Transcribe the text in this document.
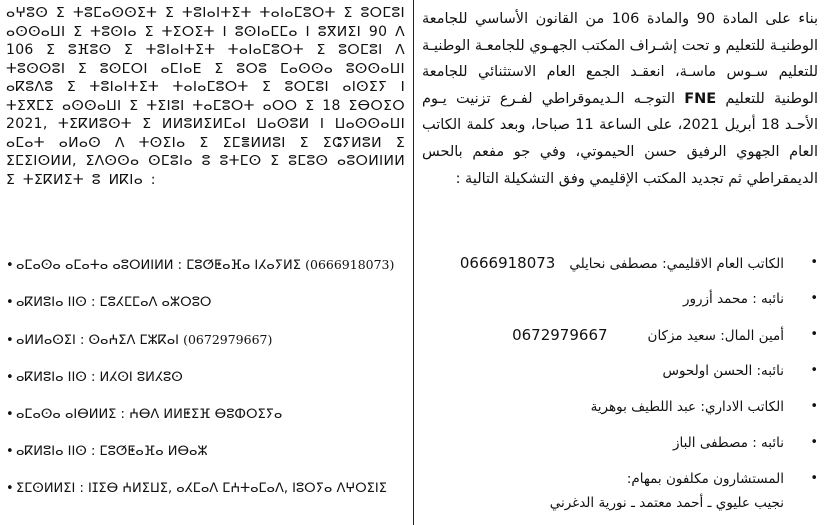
ⴰⵖⵓⵙ ⵉ ⵜⵓⵎⴰⵙⵙⵉⵜ ⵉ ⵜⵓⵏⴰⵏⵜⵉⵜ ⵜⴰⵏⴰⵎⵓⵔⵜ ⵉ ⵓⵔⵎⵓⵏ ⴰⵙⵙⴰⵡⵏ ⵉ ⵜⵓⵙⵏⴰ ⵉ ⵜⵉⵔⵉⵜ ⵏ ⵓⵙⵏⴰⵎⵎⴰ ⵏ ⵓⴳⵍⵉⵏ 90 ⴷ 106 ⵉ ⵓⴼⵓⵙ ⵉ ⵜⵓⵏⴰⵏⵜⵉⵜ ⵜⴰⵏⴰⵎⵓⵔⵜ ⵉ ⵓⵔⵎⵓⵏ ⴷ ⵜⵓⵙⵙⵓⵏ ⵉ ⵓⵙⵎⵔⵏ ⴰⵎⵏⴰⴹ ⵉ ⵓⵔⵓ ⵎⴰⵙⵙⴰ ⵓⵙⵙⴰⵡⵏ ⴰⴽⵓⴷⵓ ⵉ ⵜⵓⵏⴰⵏⵜⵉⵜ ⵜⴰⵏⴰⵎⵓⵔⵜ ⵉ ⵓⵔⵎⵓⵏ ⴰⵏⵙⵉⵢ ⵏ ⵜⵉⴳⵎⵉ ⴰⵙⵙⴰⵡⵏ ⵉ ⵜⵉⵏⵓⵏ ⵜⴰⵎⵓⵔⵜ ⴰⵔⵔ ⵉ 18 ⵉⴱⵔⵉⵔ 2021, ⵜⵉⴽⵍⵓⵙⵜ ⵉ ⵍⵍⵓⵍⵉⵍⵎⴰⵏ ⵡⴰⵙⵓⵍ ⵏ ⵡⴰⵙⵙⴰⵡⵏ ⴰⵎⴰⵜ ⴰⵍⴰⵙ ⴷ ⵜⵙⵉⵏⴰ ⵉ ⵉⵎⴻⵍⵍⵓⵏ ⵉ ⵉⵛⵢⵍⵓⵍ ⵉ ⵉⵎⵉⵏⵙⵍⵍ, ⵉⴷⵙⵙⴰ ⵙⵎⵓⵏⴰ ⵓ ⵓⵜⵎⵙ ⵉ ⵓⵎⵓⵙ ⴰⵓⵔⵍⵏⵍⵍ ⵉ ⵜⵉⴽⵍⵉⵜ ⵓ ⵍⴽⵏⴰ :

• ⴰⵎⴰⵙⴰ ⴰⵎⴰⵜⴰ ⴰⵓⵔⵍⵏⵍⵍ : ⵎⵓⵚⵟⴰⴼⴰ ⵏⵃⴰⵢⵍⵉ (0666918073)
• ⴰⴽⵍⵓⵏⴰ ⵏⵏⵙ : ⵎⵓⵃⵎⵎⴰⴷ ⴰⵣⵔⵓⵔ
• ⴰⵍⵍⴰⵙⵉⵏ : ⵙⴰⵄⵉⴷ ⵎⵣⴽⴰⵏ (0672979667)
• ⴰⴽⵍⵓⵏⴰ ⵏⵏⵙ : ⵍⵃⵙⵏ ⵓⵍⵃⵓⵙ
• ⴰⵎⴰⵙⴰ ⴰⵏⴱⵍⵍⵉ : ⵄⴱⴷ ⵍⵍⵟⵉⴼ ⴱⵓⵀⵔⵉⵢⴰ
• ⴰⴽⵍⵓⵏⴰ ⵏⵏⵙ : ⵎⵓⵚⵟⴰⴼⴰ ⵍⴱⴰⵣ
• ⵉⵎⵙⵍⵍⵉⵏ : ⵏⵊⵉⴱ ⵄⵍⵉⵡⵉ, ⴰⵃⵎⴰⴷ ⵎⵄⵜⴰⵎⴰⴷ, ⵏⵓⵔⵢⴰ ⴷⵖⵔⵉⵏⵉ

بناء على المادة 90 والمادة 106 من القانون الأساسي للجامعة الوطنيـة للتعليم و تحت إشـراف المكتب الجهـوي للجامعـة الوطنيـة للتعليم سـوس ماسـة، انعقـد الجمع العام الاستثنائي للجامعة الوطنية للتعليم FNE التوجـه الـديموقراطي لفـرع تزنيت يـوم الأحـد 18 أبريل 2021، على الساعة 11 صباحا، وبعد كلمة الكاتب العام الجهوي الرفيق حسن الحيموتي، وفي جو مفعم بالحس الديمقراطي ثم تجديد المكتب الإقليمي وفق التشكيلة التالية :

•
الكاتب العام الاقليمي: مصطفى نحايلي0666918073
•
نائبه : محمد أزرور
•
أمين المال: سعيد مزكان0672979667
•
نائبه: الحسن اولحوس
•
الكاتب الاداري: عبد اللطيف بوهرية
•
نائبه : مصطفى الباز
•
المستشارون مكلفون بمهام:
نجيب عليوي ـ أحمد معتمد ـ نورية الدغرني
